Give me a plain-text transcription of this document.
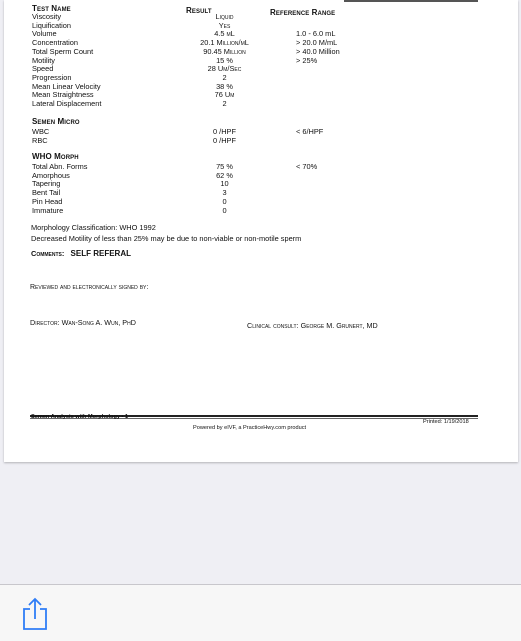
Test Name	Result	Reference Range
Viscosity	Liquid
Liquification	Yes
Volume	4.5 mL	1.0 - 6.0 mL
Concentration	20.1 Million/mL	> 20.0 M/mL
Total Sperm Count	90.45 Million	> 40.0 Million
Motility	15 %	> 25%
Speed	28 Um/Sec
Progression	2
Mean Linear Velocity	38 %
Mean Straightness	76 Um
Lateral Displacement	2
Semen Micro
WBC	0 /HPF	< 6/HPF
RBC	0 /HPF
WHO Morph
Total Abn. Forms	75 %	< 70%
Amorphous	62 %
Tapering	10
Bent Tail	3
Pin Head	0
Immature	0
Morphology Classification: WHO 1992
Decreased Motility of less than 25% may be due to non-viable or non-motile sperm
Comments: SELF REFERAL
Reviewed and electronically signed by:
Director: Wan-Song A. Wun, PhD	Clinical consult: George M. Grunert, MD
Semen Analysis with Morphology • 1
Printed: 1/19/2018
Powered by eIVF, a PracticeHwy.com product
